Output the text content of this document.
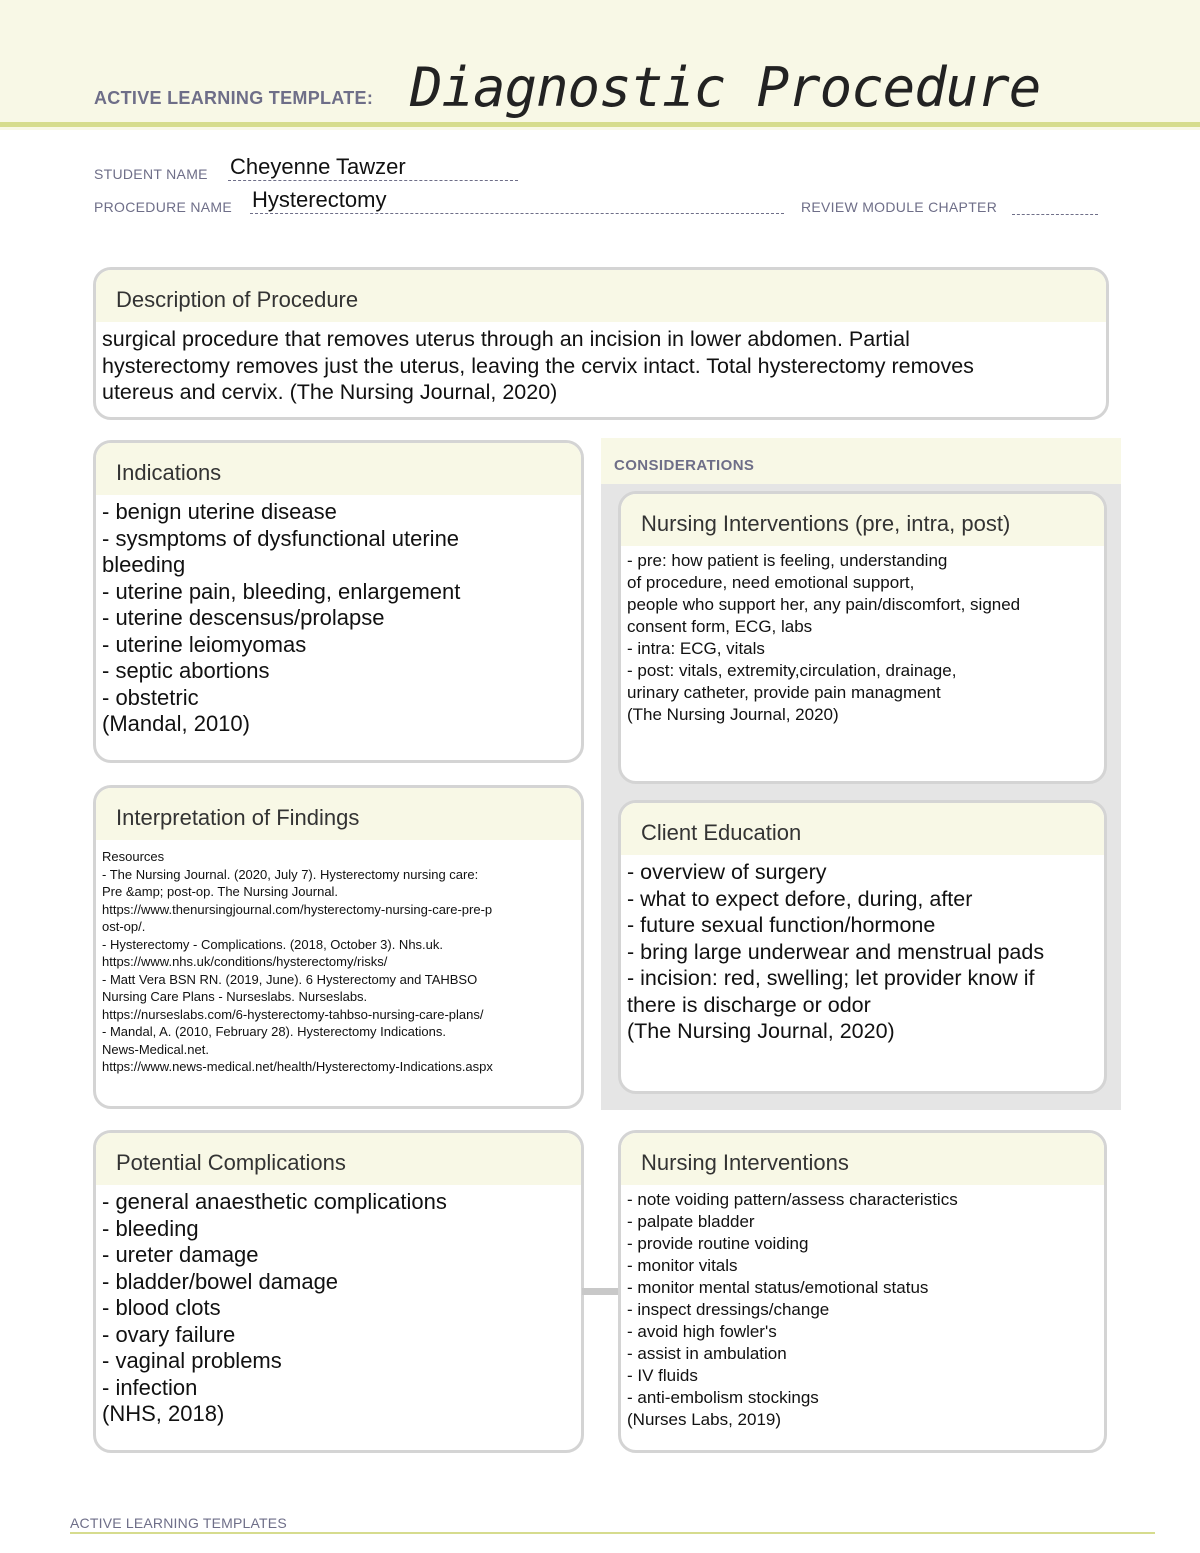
ACTIVE LEARNING TEMPLATE: Diagnostic Procedure
STUDENT NAME Cheyenne Tawzer
PROCEDURE NAME Hysterectomy	REVIEW MODULE CHAPTER
Description of Procedure
surgical procedure that removes uterus through an incision in lower abdomen. Partial
hysterectomy removes just the uterus, leaving the cervix intact. Total hysterectomy removes
utereus and cervix. (The Nursing Journal, 2020)
CONSIDERATIONS
Indications
- benign uterine disease
- sysmptoms of dysfunctional uterine
bleeding
- uterine pain, bleeding, enlargement
- uterine descensus/prolapse
- uterine leiomyomas
- septic abortions
- obstetric
(Mandal, 2010)
Nursing Interventions (pre, intra, post)
- pre: how patient is feeling, understanding
of procedure, need emotional support,
people who support her, any pain/discomfort, signed
consent form, ECG, labs
- intra: ECG, vitals
- post: vitals, extremity,circulation, drainage,
urinary catheter, provide pain managment
(The Nursing Journal, 2020)
Interpretation of Findings
Resources
- The Nursing Journal. (2020, July 7). Hysterectomy nursing care:
Pre &amp; post-op. The Nursing Journal.
https://www.thenursingjournal.com/hysterectomy-nursing-care-pre-p
ost-op/.
- Hysterectomy - Complications. (2018, October 3). Nhs.uk.
https://www.nhs.uk/conditions/hysterectomy/risks/
- Matt Vera BSN RN. (2019, June). 6 Hysterectomy and TAHBSO
Nursing Care Plans - Nurseslabs. Nurseslabs.
https://nurseslabs.com/6-hysterectomy-tahbso-nursing-care-plans/
- Mandal, A. (2010, February 28). Hysterectomy Indications.
News-Medical.net.
https://www.news-medical.net/health/Hysterectomy-Indications.aspx
Client Education
- overview of surgery
- what to expect defore, during, after
- future sexual function/hormone
- bring large underwear and menstrual pads
- incision: red, swelling; let provider know if
there is discharge or odor
(The Nursing Journal, 2020)
Potential Complications
- general anaesthetic complications
- bleeding
- ureter damage
- bladder/bowel damage
- blood clots
- ovary failure
- vaginal problems
- infection
(NHS, 2018)
Nursing Interventions
- note voiding pattern/assess characteristics
- palpate bladder
- provide routine voiding
- monitor vitals
- monitor mental status/emotional status
- inspect dressings/change
- avoid high fowler's
- assist in ambulation
- IV fluids
- anti-embolism stockings
(Nurses Labs, 2019)
ACTIVE LEARNING TEMPLATES
